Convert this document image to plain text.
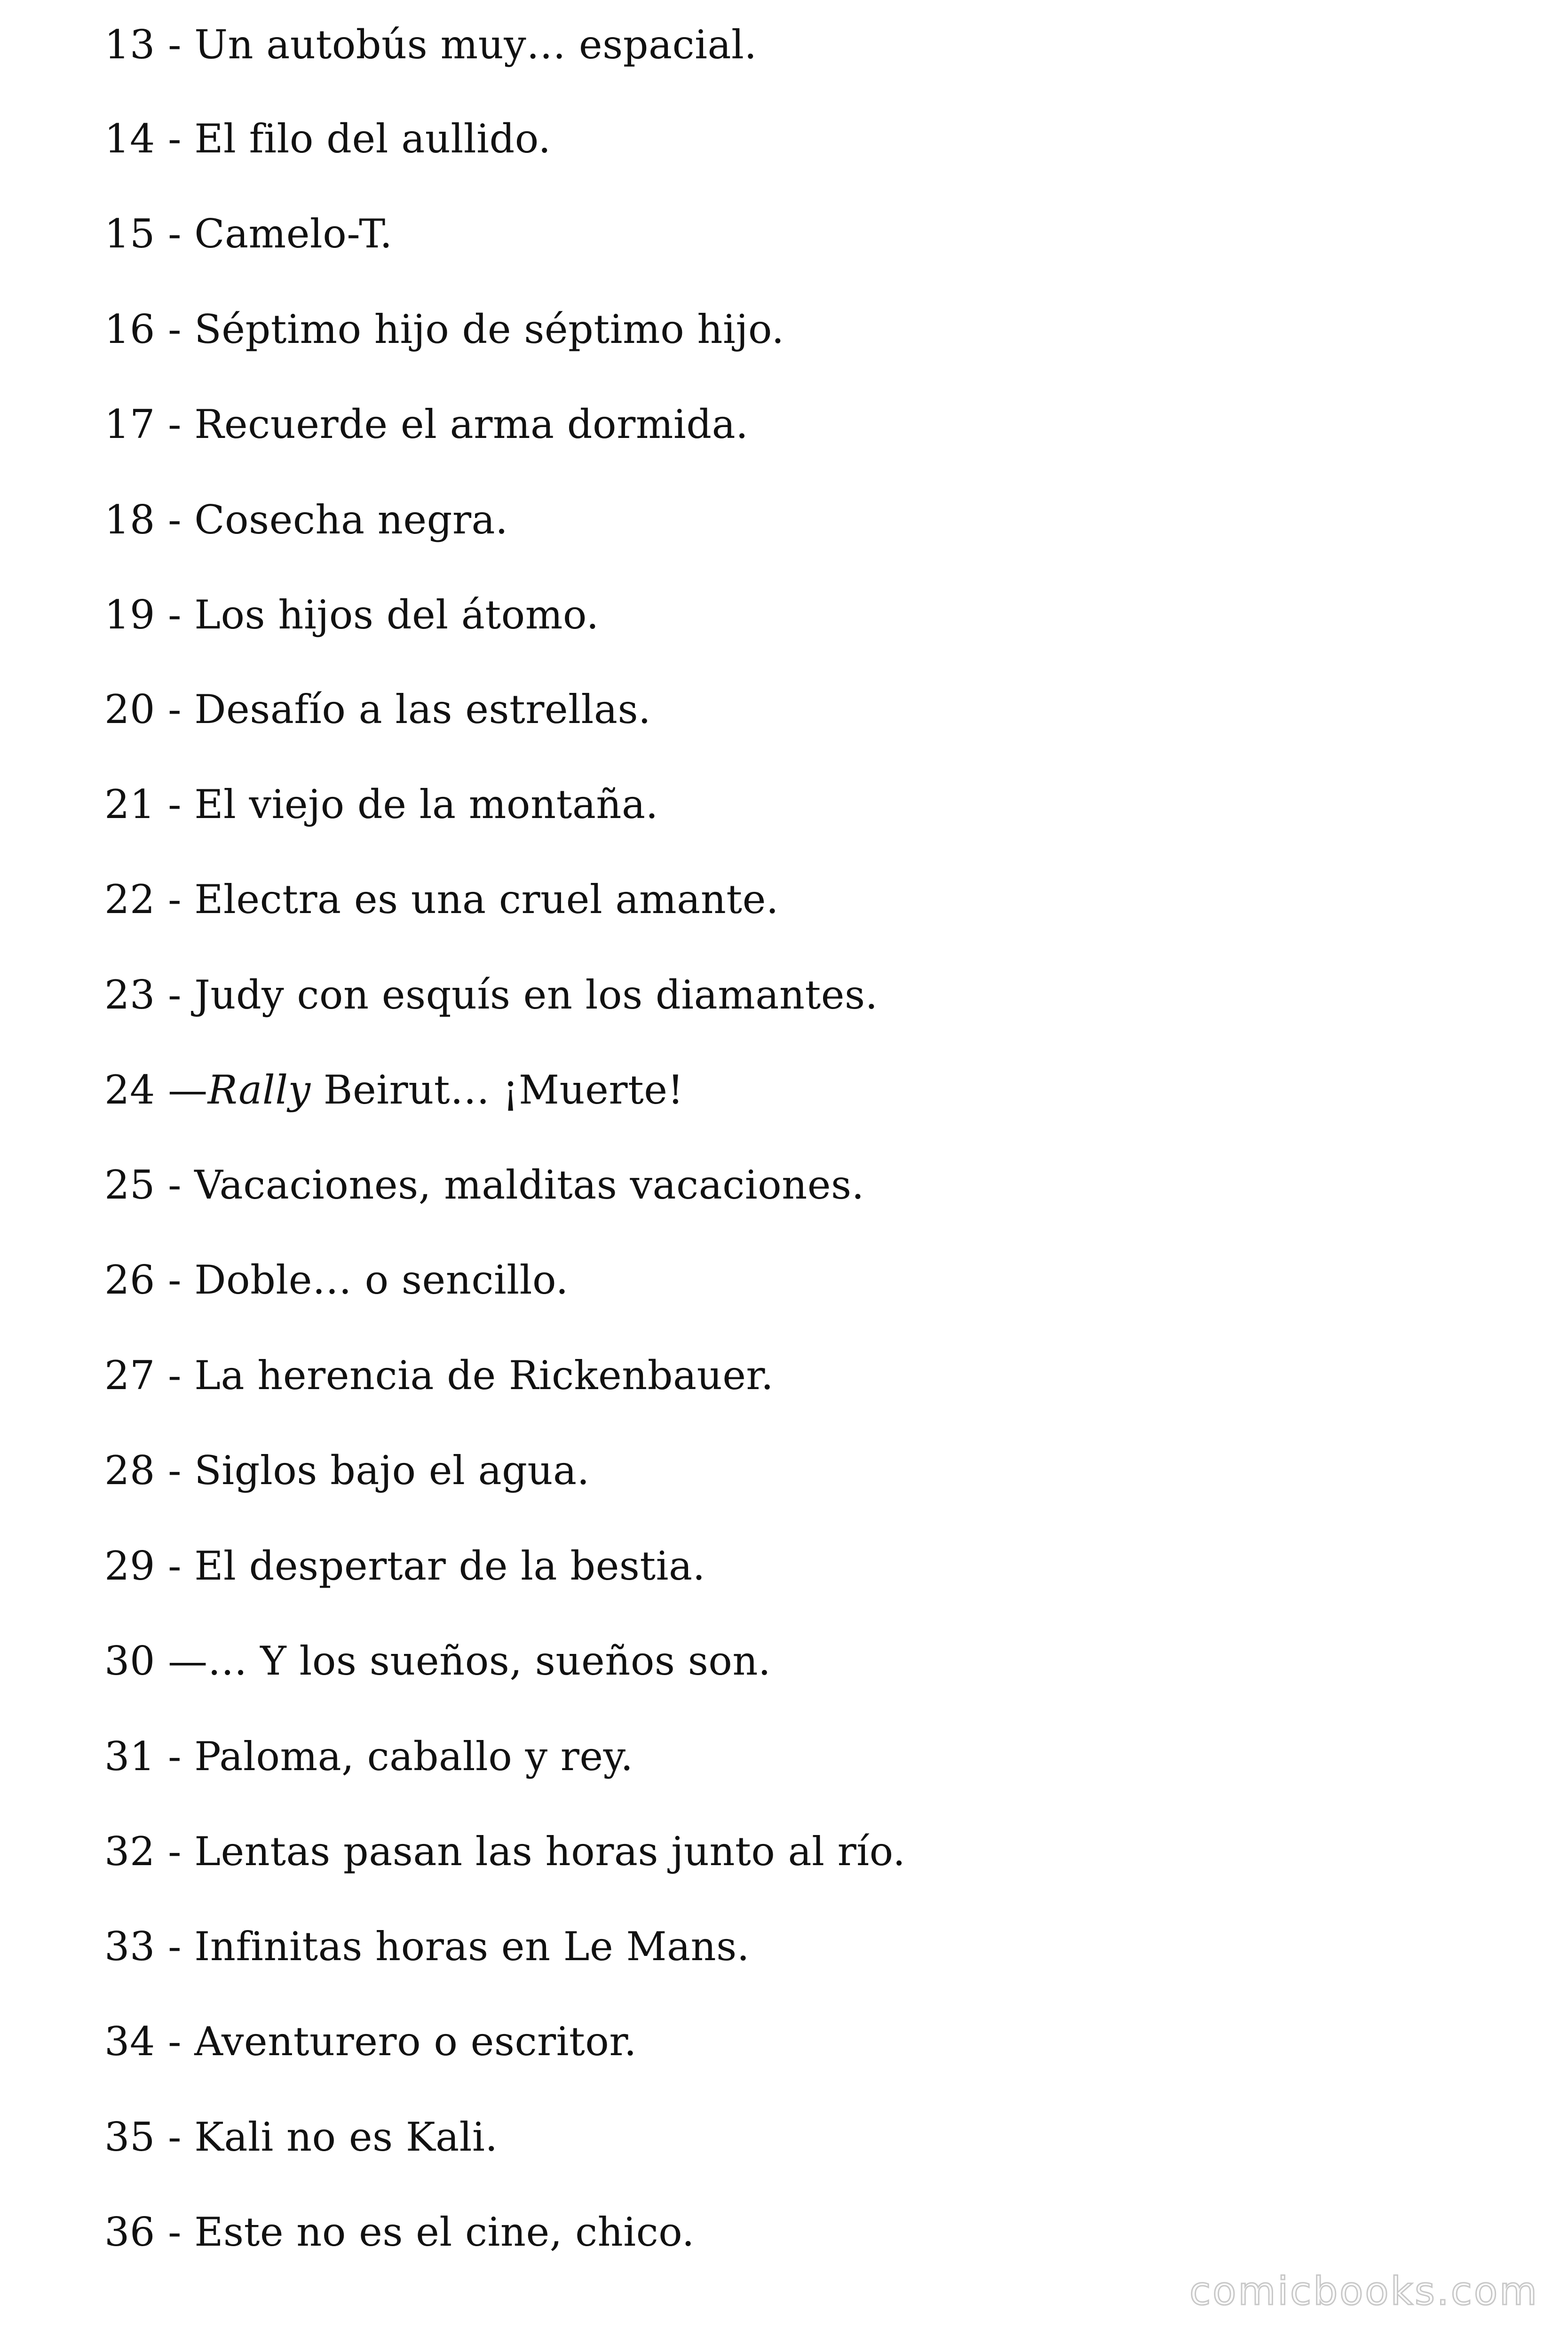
13 - Un autobús muy… espacial.
14 - El filo del aullido.
15 - Camelo-T.
16 - Séptimo hijo de séptimo hijo.
17 - Recuerde el arma dormida.
18 - Cosecha negra.
19 - Los hijos del átomo.
20 - Desafío a las estrellas.
21 - El viejo de la montaña.
22 - Electra es una cruel amante.
23 - Judy con esquís en los diamantes.
24 —Rally Beirut… ¡Muerte!
25 - Vacaciones, malditas vacaciones.
26 - Doble… o sencillo.
27 - La herencia de Rickenbauer.
28 - Siglos bajo el agua.
29 - El despertar de la bestia.
30 —… Y los sueños, sueños son.
31 - Paloma, caballo y rey.
32 - Lentas pasan las horas junto al río.
33 - Infinitas horas en Le Mans.
34 - Aventurero o escritor.
35 - Kali no es Kali.
36 - Este no es el cine, chico.
comicbooks.com
